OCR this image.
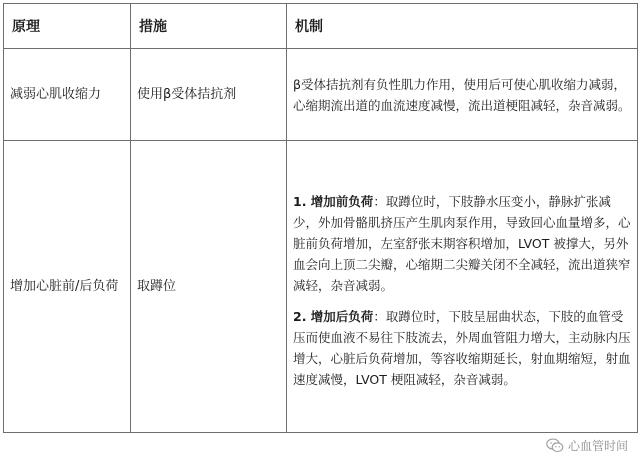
原理	措施	机制

减弱心肌收缩力	使用β受体拮抗剂	β受体拮抗剂有负性肌力作用，使用后可使心肌收缩力减弱，心缩期流出道的血流速度减慢，流出道梗阻减轻，杂音减弱。

增加心脏前/后负荷	取蹲位	1. 增加前负荷：取蹲位时，下肢静水压变小，静脉扩张减少，外加骨骼肌挤压产生肌肉泵作用，导致回心血量增多，心脏前负荷增加，左室舒张末期容积增加，LVOT 被撑大，另外血会向上顶二尖瓣，心缩期二尖瓣关闭不全减轻，流出道狭窄减轻，杂音减弱。

2. 增加后负荷：取蹲位时，下肢呈屈曲状态，下肢的血管受压而使血液不易往下肢流去，外周血管阻力增大，主动脉内压增大，心脏后负荷增加，等容收缩期延长，射血期缩短，射血速度减慢，LVOT 梗阻减轻，杂音减弱。

心血管时间
